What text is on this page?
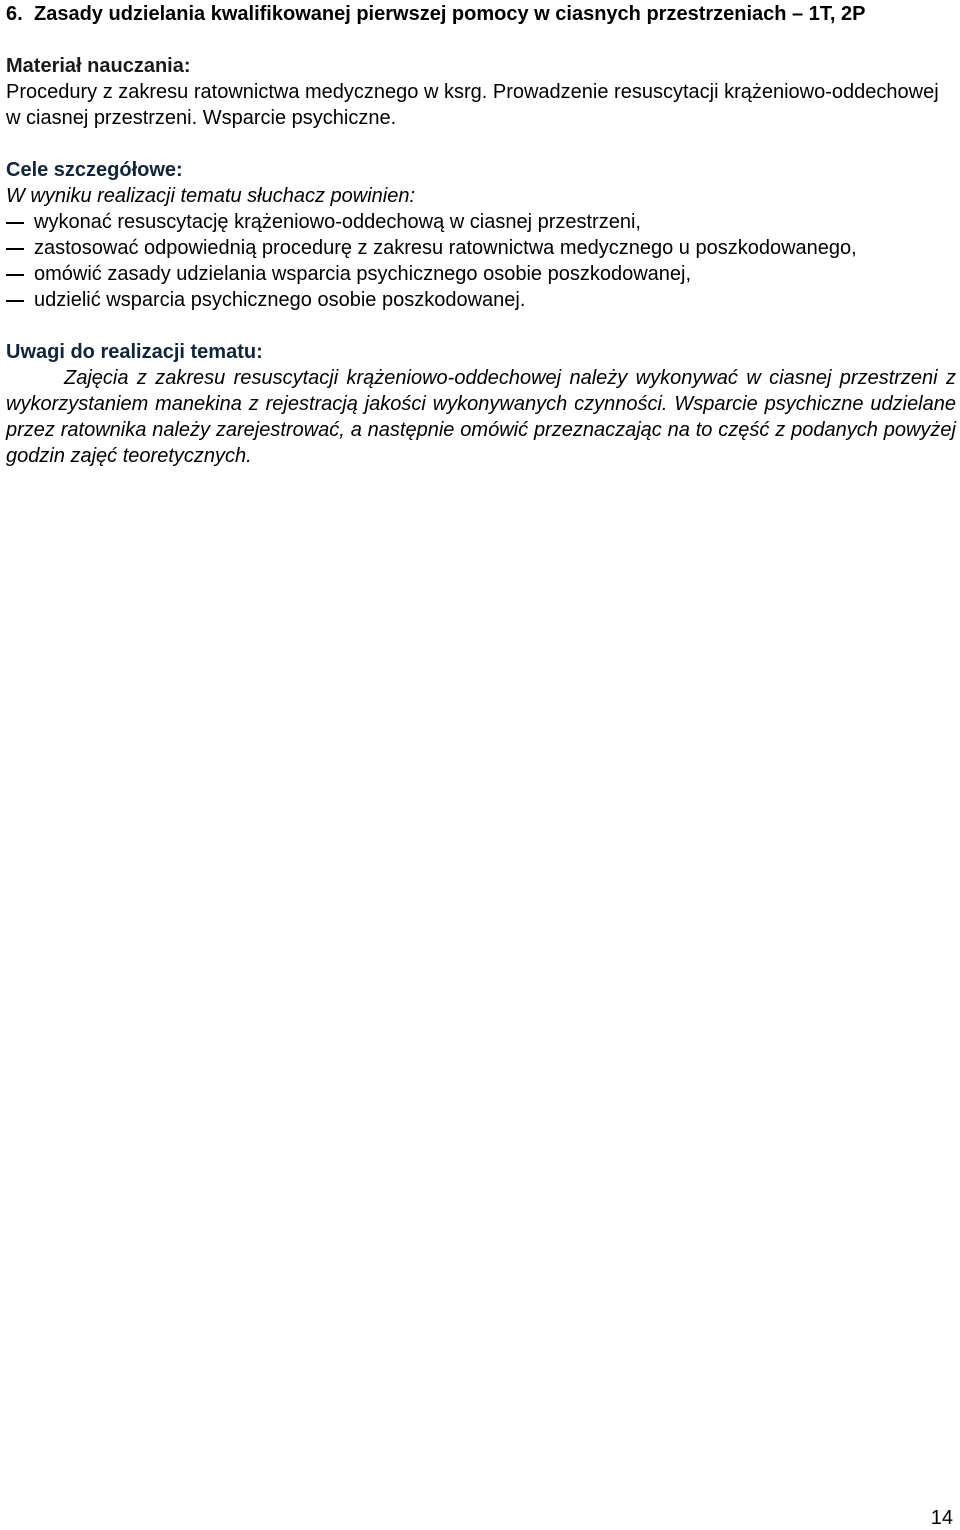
6. Zasady udzielania kwalifikowanej pierwszej pomocy w ciasnych przestrzeniach – 1T, 2P
Materiał nauczania:
Procedury z zakresu ratownictwa medycznego w ksrg. Prowadzenie resuscytacji krążeniowo-oddechowej w ciasnej przestrzeni. Wsparcie psychiczne.
Cele szczegółowe:
W wyniku realizacji tematu słuchacz powinien:
wykonać resuscytację krążeniowo-oddechową w ciasnej przestrzeni,
zastosować odpowiednią procedurę z zakresu ratownictwa medycznego u poszkodowanego,
omówić zasady udzielania wsparcia psychicznego osobie poszkodowanej,
udzielić wsparcia psychicznego osobie poszkodowanej.
Uwagi do realizacji tematu:

Zajęcia z zakresu resuscytacji krążeniowo-oddechowej należy wykonywać w ciasnej przestrzeni z wykorzystaniem manekina z rejestracją jakości wykonywanych czynności. Wsparcie psychiczne udzielane przez ratownika należy zarejestrować, a następnie omówić przeznaczając na to część z podanych powyżej godzin zajęć teoretycznych.

14
